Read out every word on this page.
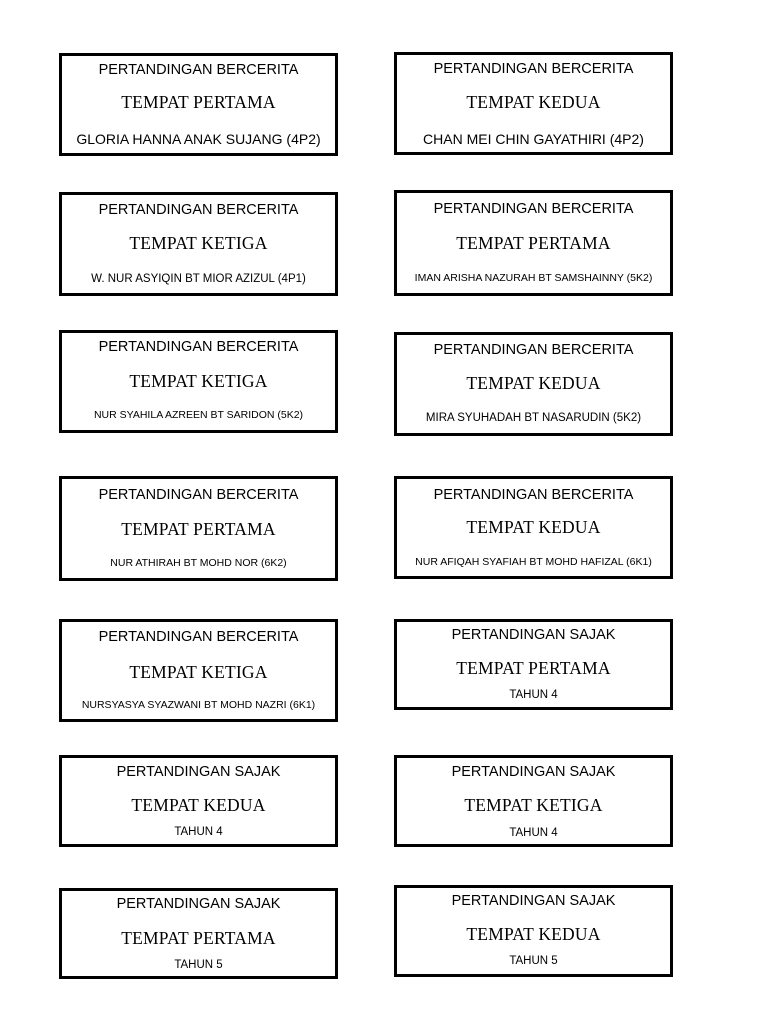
PERTANDINGAN BERCERITA
TEMPAT PERTAMA
GLORIA HANNA ANAK SUJANG (4P2)
PERTANDINGAN BERCERITA
TEMPAT KEDUA
CHAN MEI CHIN GAYATHIRI (4P2)
PERTANDINGAN BERCERITA
TEMPAT KETIGA
W. NUR ASYIQIN BT MIOR AZIZUL (4P1)
PERTANDINGAN BERCERITA
TEMPAT PERTAMA
IMAN ARISHA NAZURAH BT SAMSHAINNY (5K2)
PERTANDINGAN BERCERITA
TEMPAT KETIGA
NUR SYAHILA AZREEN BT SARIDON (5K2)
PERTANDINGAN BERCERITA
TEMPAT KEDUA
MIRA SYUHADAH BT NASARUDIN (5K2)
PERTANDINGAN BERCERITA
TEMPAT PERTAMA
NUR ATHIRAH BT MOHD NOR (6K2)
PERTANDINGAN BERCERITA
TEMPAT KEDUA
NUR AFIQAH SYAFIAH BT MOHD HAFIZAL (6K1)
PERTANDINGAN BERCERITA
TEMPAT KETIGA
NURSYASYA SYAZWANI BT MOHD NAZRI (6K1)
PERTANDINGAN SAJAK
TEMPAT PERTAMA
TAHUN 4
PERTANDINGAN SAJAK
TEMPAT KEDUA
TAHUN 4
PERTANDINGAN SAJAK
TEMPAT KETIGA
TAHUN 4
PERTANDINGAN SAJAK
TEMPAT PERTAMA
TAHUN 5
PERTANDINGAN SAJAK
TEMPAT KEDUA
TAHUN 5
